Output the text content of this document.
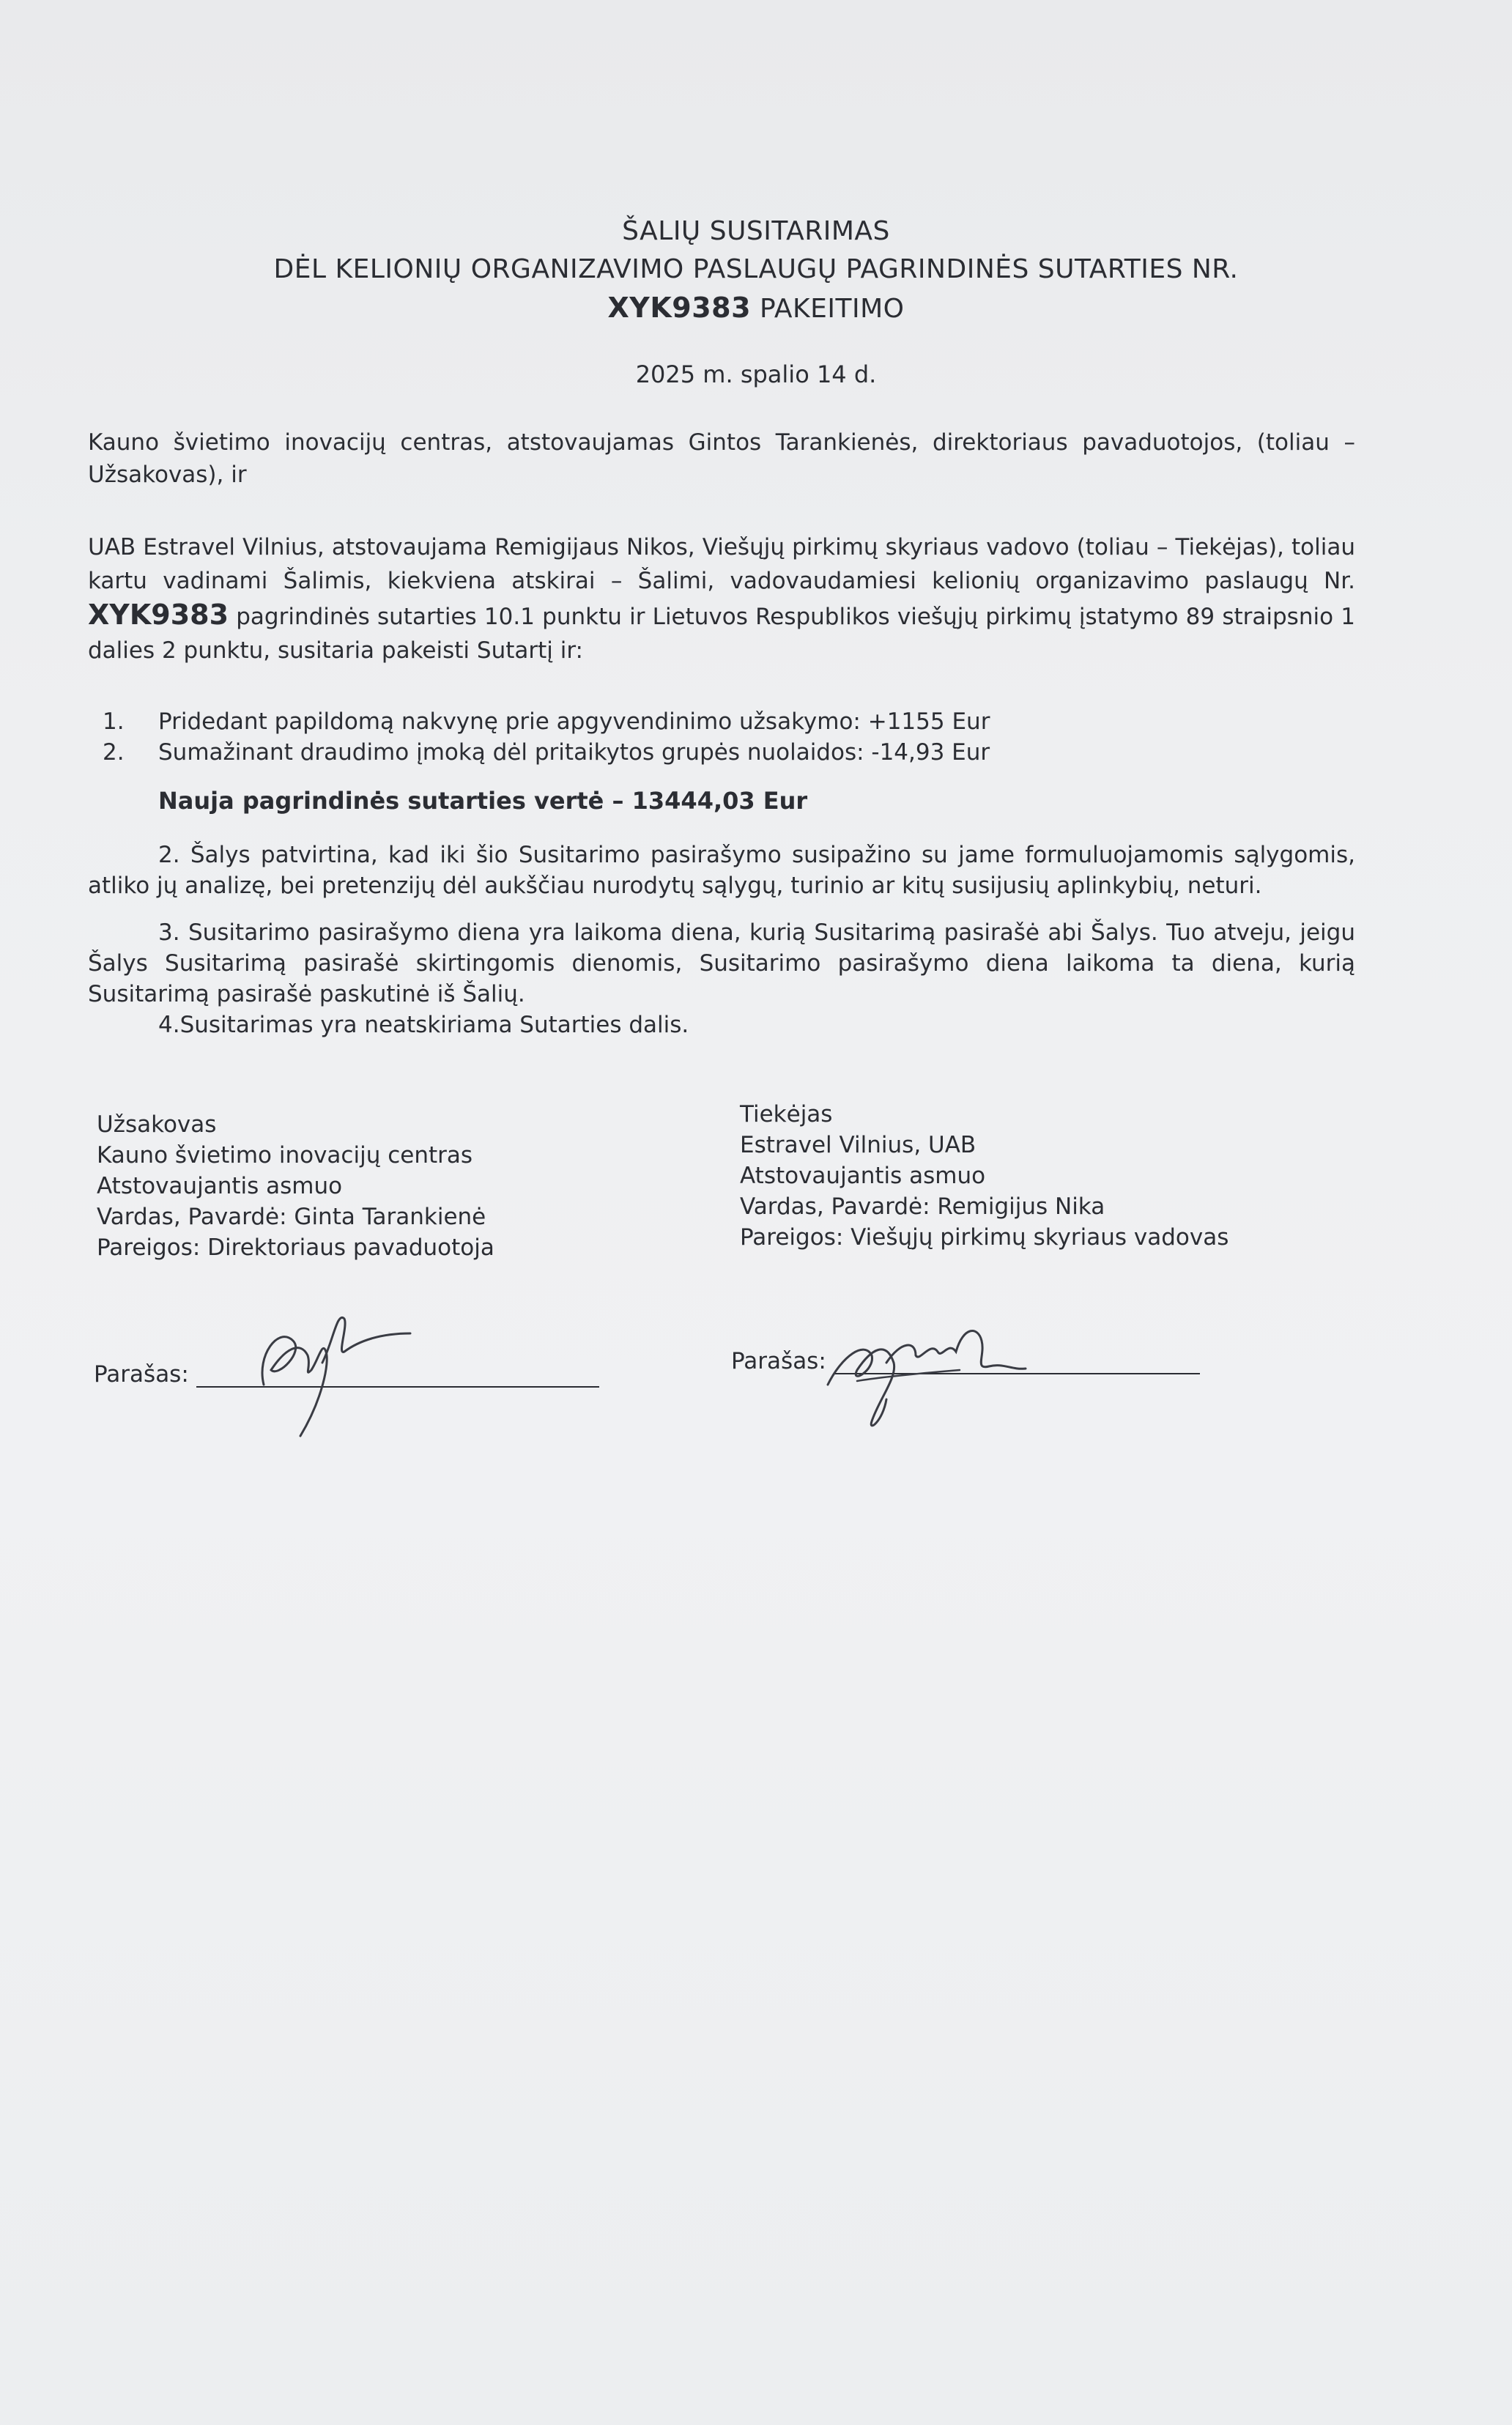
ŠALIŲ SUSITARIMAS
DĖL KELIONIŲ ORGANIZAVIMO PASLAUGŲ PAGRINDINĖS SUTARTIES NR.
XYK9383 PAKEITIMO
2025 m. spalio 14 d.
Kauno švietimo inovacijų centras, atstovaujamas Gintos Tarankienės, direktoriaus pavaduotojos, (toliau – Užsakovas), ir
UAB Estravel Vilnius, atstovaujama Remigijaus Nikos, Viešųjų pirkimų skyriaus vadovo (toliau – Tiekėjas), toliau kartu vadinami Šalimis, kiekviena atskirai – Šalimi, vadovaudamiesi kelionių organizavimo paslaugų Nr. XYK9383 pagrindinės sutarties 10.1 punktu ir Lietuvos Respublikos viešųjų pirkimų įstatymo 89 straipsnio 1 dalies 2 punktu, susitaria pakeisti Sutartį ir:
1.	Pridedant papildomą nakvynę prie apgyvendinimo užsakymo: +1155 Eur
2.	Sumažinant draudimo įmoką dėl pritaikytos grupės nuolaidos: -14,93 Eur
Nauja pagrindinės sutarties vertė – 13444,03 Eur
2. Šalys patvirtina, kad iki šio Susitarimo pasirašymo susipažino su jame formuluojamomis sąlygomis, atliko jų analizę, bei pretenzijų dėl aukščiau nurodytų sąlygų, turinio ar kitų susijusių aplinkybių, neturi.
3. Susitarimo pasirašymo diena yra laikoma diena, kurią Susitarimą pasirašė abi Šalys. Tuo atveju, jeigu Šalys Susitarimą pasirašė skirtingomis dienomis, Susitarimo pasirašymo diena laikoma ta diena, kurią Susitarimą pasirašė paskutinė iš Šalių.
4.Susitarimas yra neatskiriama Sutarties dalis.
Užsakovas
Kauno švietimo inovacijų centras
Atstovaujantis asmuo
Vardas, Pavardė: Ginta Tarankienė
Pareigos: Direktoriaus pavaduotoja
Tiekėjas
Estravel Vilnius, UAB
Atstovaujantis asmuo
Vardas, Pavardė: Remigijus Nika
Pareigos: Viešųjų pirkimų skyriaus vadovas
Parašas:	Parašas:
